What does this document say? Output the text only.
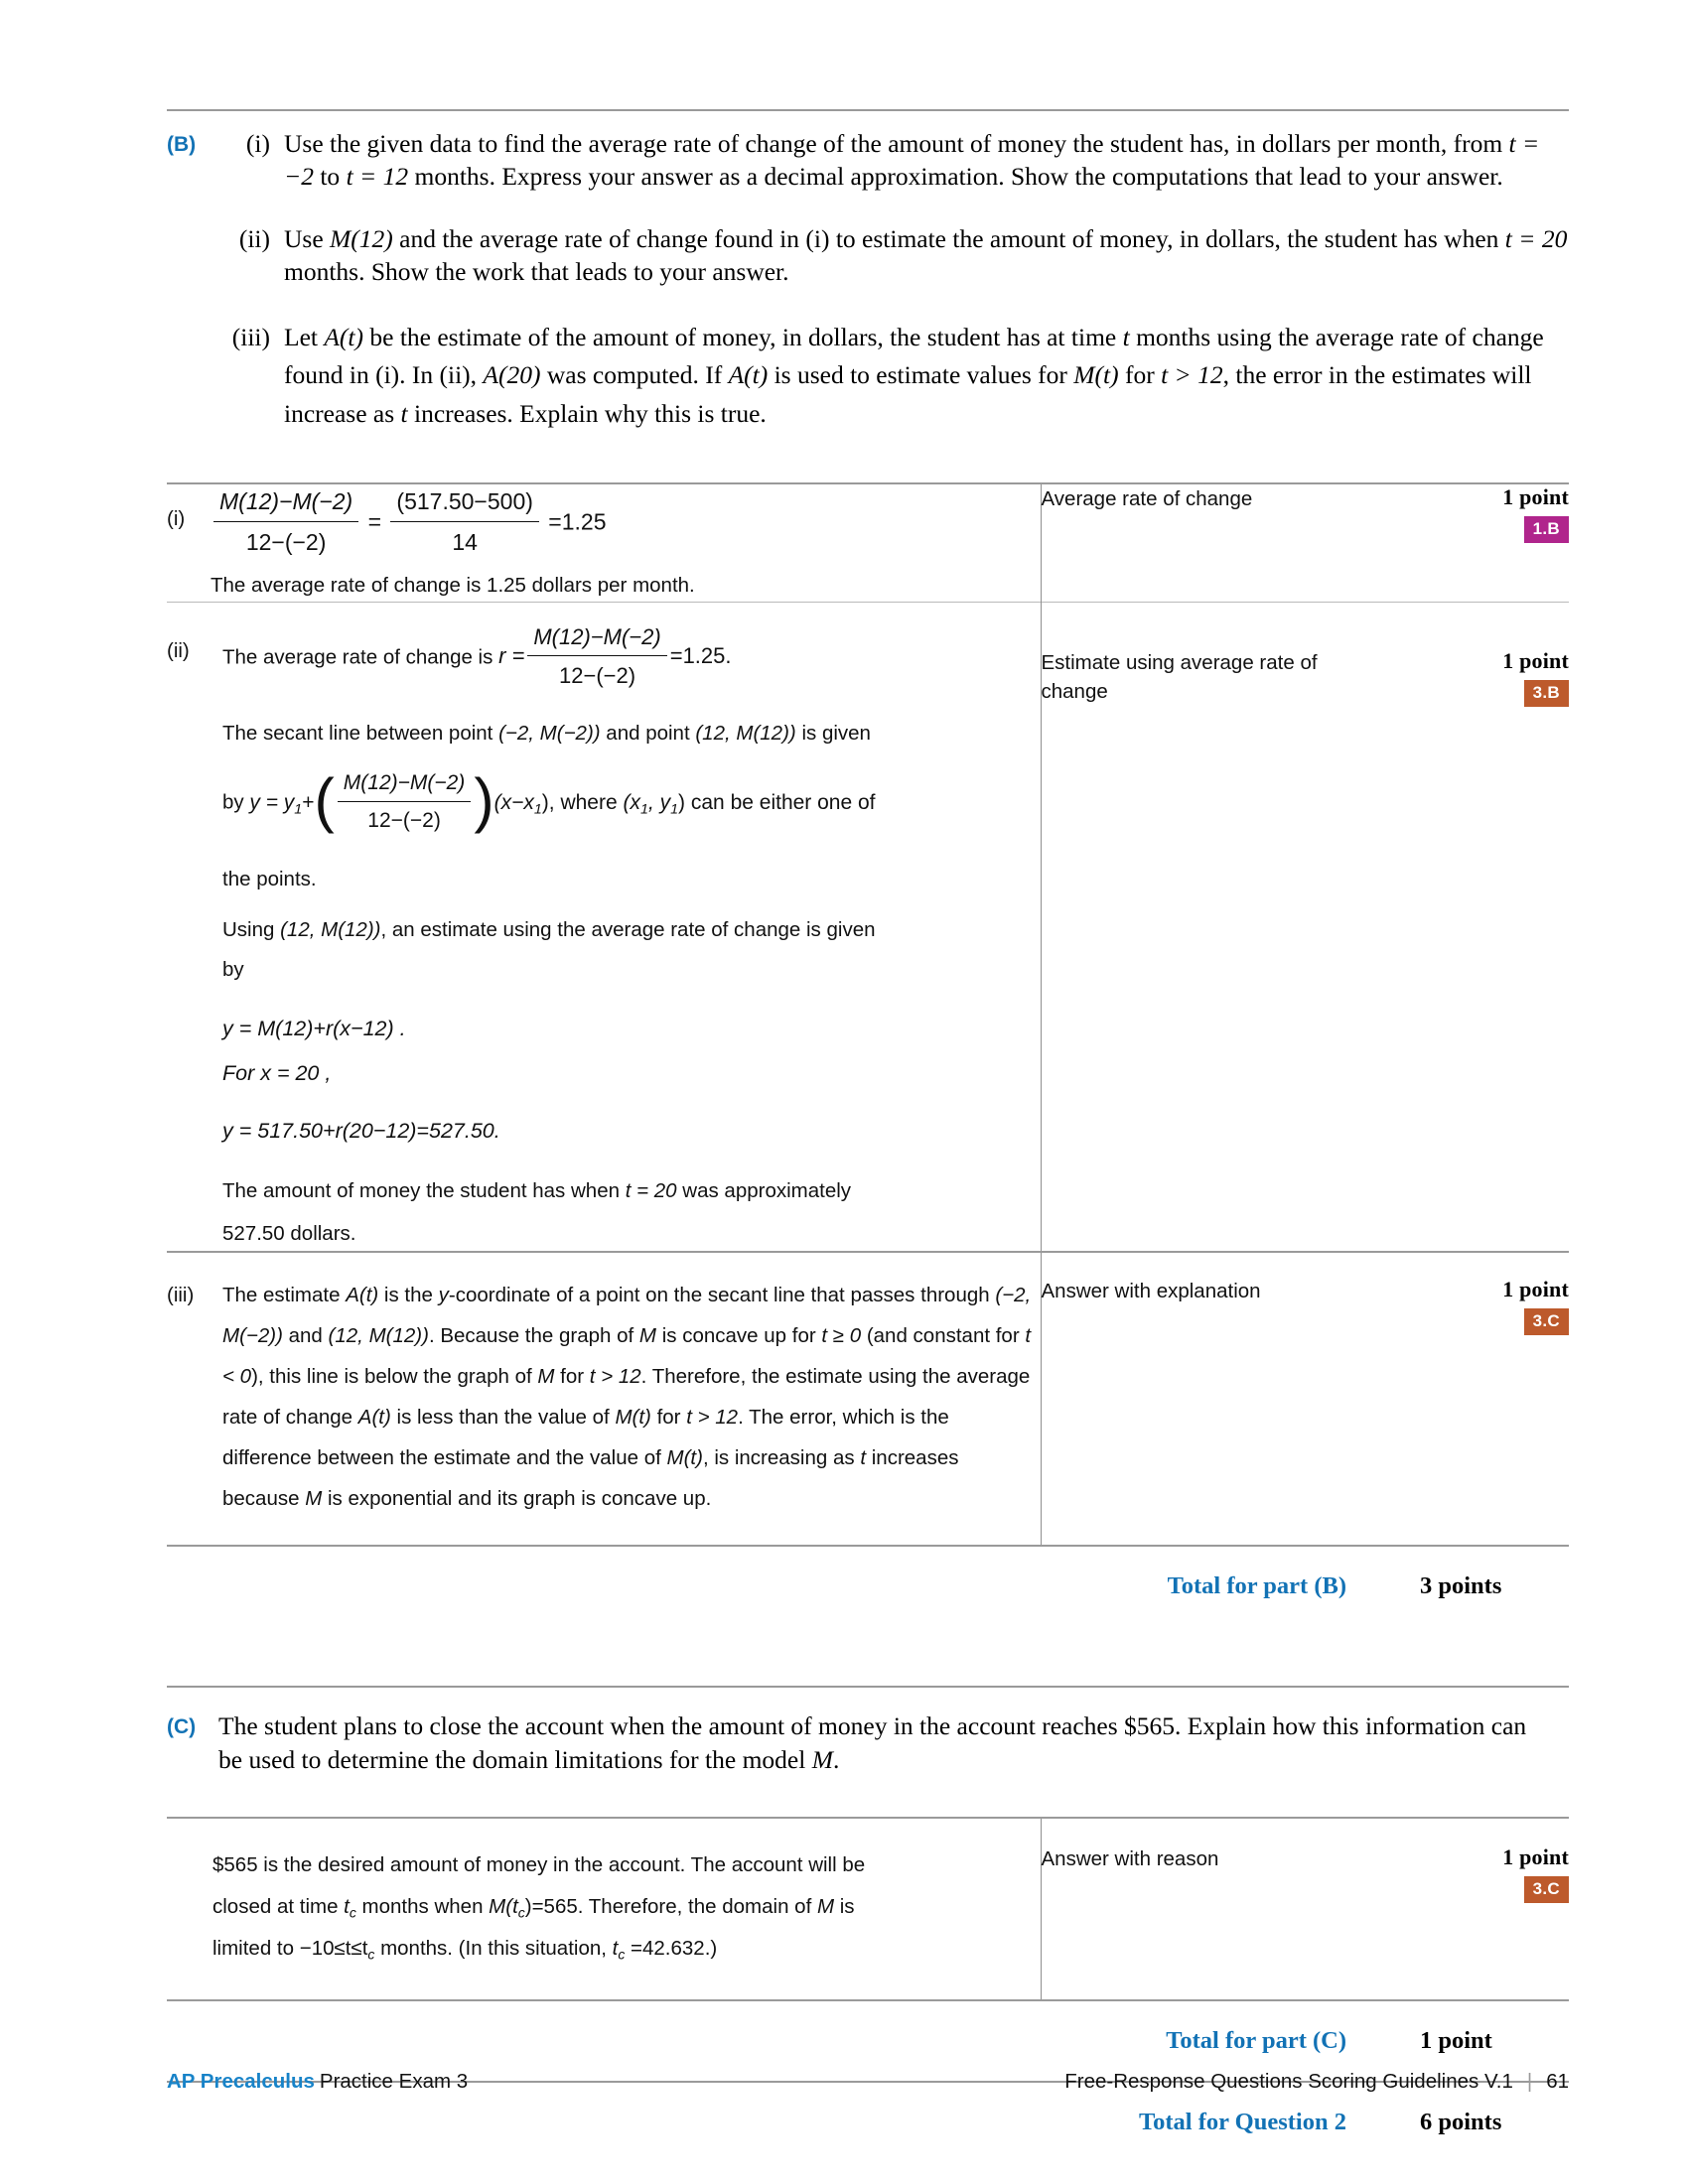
(B)	(i) Use the given data to find the average rate of change of the amount of money the student has, in dollars per month, from t = −2 to t = 12 months. Express your answer as a decimal approximation. Show the computations that lead to your answer.
(ii) Use M(12) and the average rate of change found in (i) to estimate the amount of money, in dollars, the student has when t = 20 months. Show the work that leads to your answer.
(iii) Let A(t) be the estimate of the amount of money, in dollars, the student has at time t months using the average rate of change found in (i). In (ii), A(20) was computed. If A(t) is used to estimate values for M(t) for t > 12, the error in the estimates will increase as t increases. Explain why this is true.
(i)	$\frac{M(12)-M(-2)}{12-(-2)} = \frac{(517.50-500)}{14} =1.25$

The average rate of change is 1.25 dollars per month.

Average rate of change	1 point
1.B

(ii)	The average rate of change is $r = \frac{M(12)-M(-2)}{12-(-2)} =1.25$.

The secant line between point (−2, M(−2)) and point (12, M(12)) is given

by $y = y_1+( \frac{M(12)-M(-2)}{12-(-2)} )(x-x_1)$, where ($x_1$, $y_1$) can be either one of

the points.

Using (12, M(12)), an estimate using the average rate of change is given

by

y = M(12)+r(x−12) .

For x = 20 ,

y = 517.50+r(20−12)=527.50.

The amount of money the student has when t = 20 was approximately

527.50 dollars.

Estimate using average rate of change
1 point
3.B

(iii)	The estimate A(t) is the y-coordinate of a point on the secant line that passes through (−2, M(−2)) and (12, M(12)). Because the graph of M is concave up for t ≥ 0 (and constant for t < 0), this line is below the graph of M for t > 12. Therefore, the estimate using the average rate of change A(t) is less than the value of M(t) for t > 12. The error, which is the difference between the estimate and the value of M(t), is increasing as t increases because M is exponential and its graph is concave up.

Answer with explanation	1 point
3.C
Total for part (B)	3 points
(C) The student plans to close the account when the amount of money in the account reaches $565. Explain how this information can be used to determine the domain limitations for the model M.
$565 is the desired amount of money in the account. The account will be
closed at time $t_c$ months when $M(t_c)=565$. Therefore, the domain of M is
limited to $-10\le t\le t_c$ months. (In this situation, $t_c =42.632$.)

Answer with reason	1 point
3.C
Total for part (C)	1 point
Total for Question 2	6 points
AP Precalculus Practice Exam 3	Free-Response Questions Scoring Guidelines V.1 | 61
